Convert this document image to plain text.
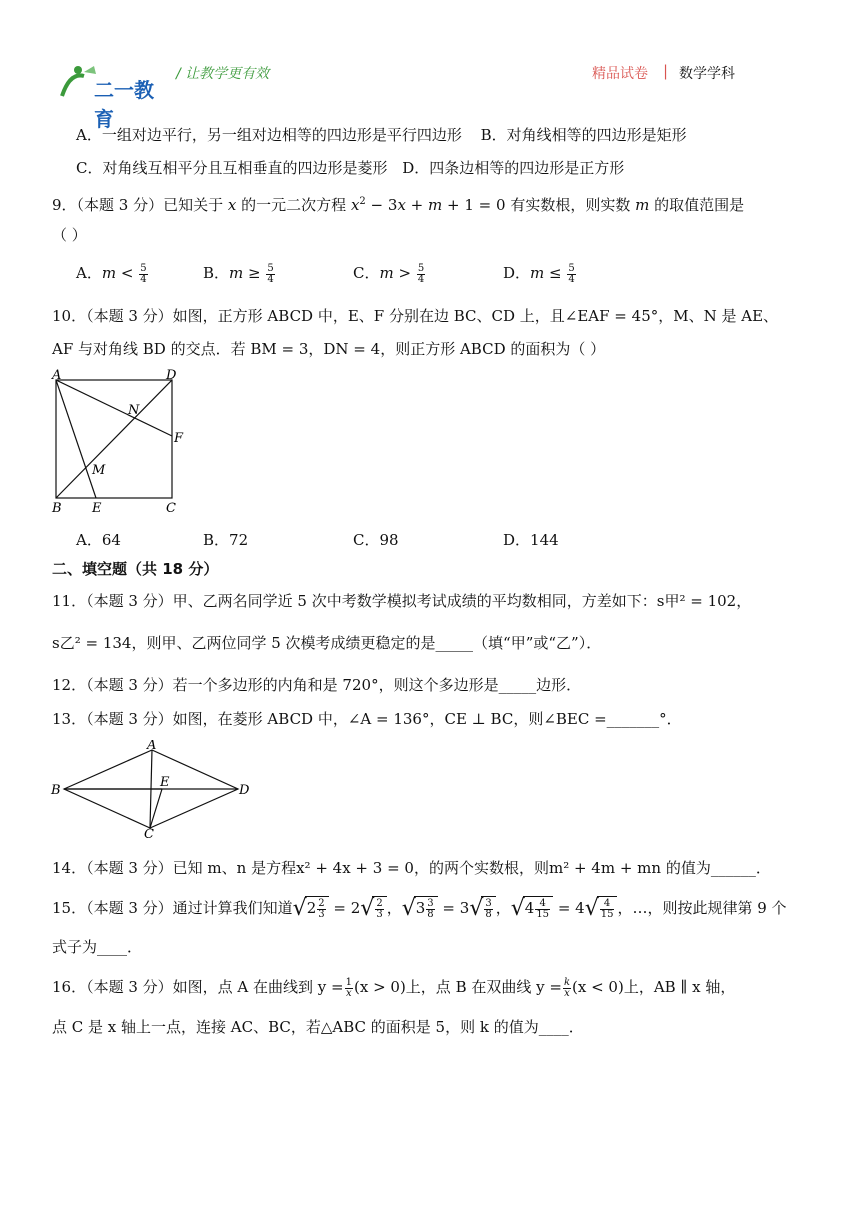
二一教育
/ 让教学更有效	精品试卷 | 数学学科
A．一组对边平行，另一组对边相等的四边形是平行四边形 B．对角线相等的四边形是矩形
C．对角线互相平分且互相垂直的四边形是菱形 D．四条边相等的四边形是正方形
9．（本题 3 分）已知关于 x 的一元二次方程 $x^2 - 3x + m + 1 = 0$ 有实数根，则实数 m 的取值范围是
（ ）
A．$m < \frac{5}{4}$	B．$m \ge \frac{5}{4}$	C．$m > \frac{5}{4}$	D．$m \le \frac{5}{4}$
10．（本题 3 分）如图，正方形 ABCD 中，E、F 分别在边 BC、CD 上，且∠EAF = 45°，M、N 是 AE、
AF 与对角线 BD 的交点．若 BM = 3，DN = 4，则正方形 ABCD 的面积为（ ）
A	D
N
F
M
B E	C
A．64	B．72	C．98	D．144
二、填空题（共 18 分）
11．（本题 3 分）甲、乙两名同学近 5 次中考数学模拟考试成绩的平均数相同，方差如下：s甲² = 102，
s乙² = 134，则甲、乙两位同学 5 次模考成绩更稳定的是_____（填“甲”或“乙”）．
12．（本题 3 分）若一个多边形的内角和是 720°，则这个多边形是_____边形．
13．（本题 3 分）如图，在菱形 ABCD 中，∠A = 136°，CE ⊥ BC，则∠BEC =_______°．
A
B
E
D
C
14．（本题 3 分）已知 m、n 是方程x² + 4x + 3 = 0，的两个实数根，则m² + 4m + mn 的值为______．
15．（本题 3 分）通过计算我们知道$√2 \frac{2}{3} = 2√ \frac{2}{3}$ ，$√3 \frac{3}{8} = 3√ \frac{3}{8}$ ，$√4 \frac{4}{15} = 4√ \frac{4}{15}$ ，…，则按此规律第 9 个
式子为____．
16．（本题 3 分）如图，点 A 在曲线到 $y = \frac{1}{x} (x > 0)$上，点 B 在双曲线 $y = \frac{k}{x} (x < 0)$上，AB ∥ x 轴，
点 C 是 x 轴上一点，连接 AC、BC，若△ABC 的面积是 5，则 k 的值为____．
